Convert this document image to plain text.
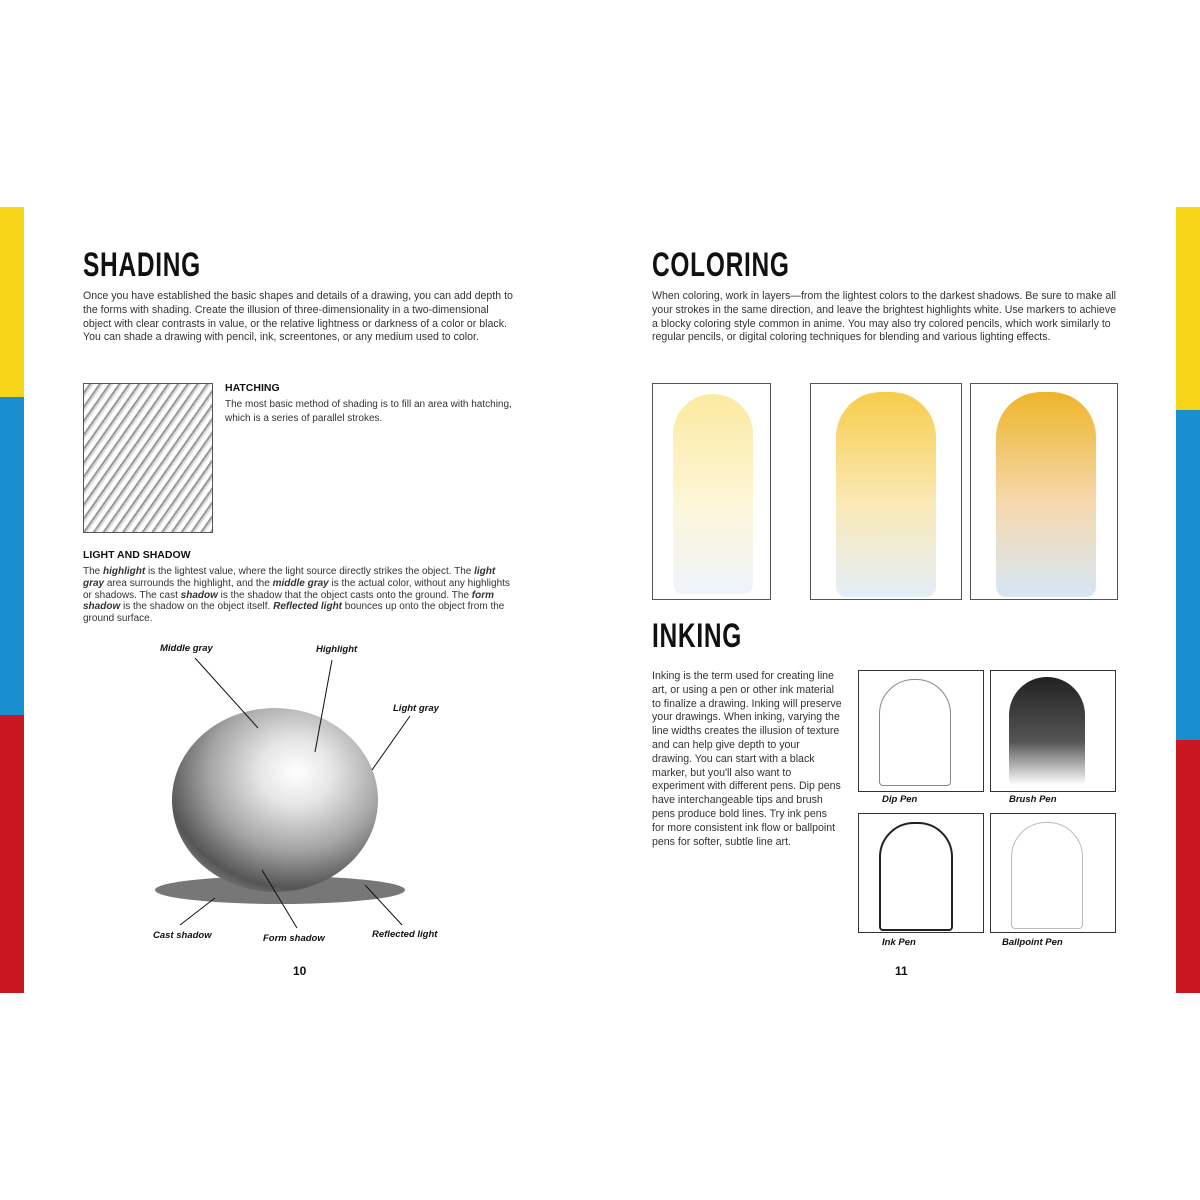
SHADING
Once you have established the basic shapes and details of a drawing, you can add depth to the forms with shading. Create the illusion of three-dimensionality in a two-dimensional object with clear contrasts in value, or the relative lightness or darkness of a color or black. You can shade a drawing with pencil, ink, screentones, or any medium used to color.
HATCHING
The most basic method of shading is to fill an area with hatching, which is a series of parallel strokes.
LIGHT AND SHADOW
The highlight is the lightest value, where the light source directly strikes the object. The light gray area surrounds the highlight, and the middle gray is the actual color, without any highlights or shadows. The cast shadow is the shadow that the object casts onto the ground. The form shadow is the shadow on the object itself. Reflected light bounces up onto the object from the ground surface.
Middle gray	Highlight
Light gray
Cast shadow	Form shadow	Reflected light
10
COLORING
When coloring, work in layers—from the lightest colors to the darkest shadows. Be sure to make all your strokes in the same direction, and leave the brightest highlights white. Use markers to achieve a blocky coloring style common in anime. You may also try colored pencils, which work similarly to regular pencils, or digital coloring techniques for blending and various lighting effects.
INKING
Inking is the term used for creating line art, or using a pen or other ink material to finalize a drawing. Inking will preserve your drawings. When inking, varying the line widths creates the illusion of texture and can help give depth to your drawing. You can start with a black marker, but you'll also want to experiment with different pens. Dip pens have interchangeable tips and brush pens produce bold lines. Try ink pens for more consistent ink flow or ballpoint pens for softer, subtle line art.
Dip Pen	Brush Pen
Ink Pen	Ballpoint Pen
11
